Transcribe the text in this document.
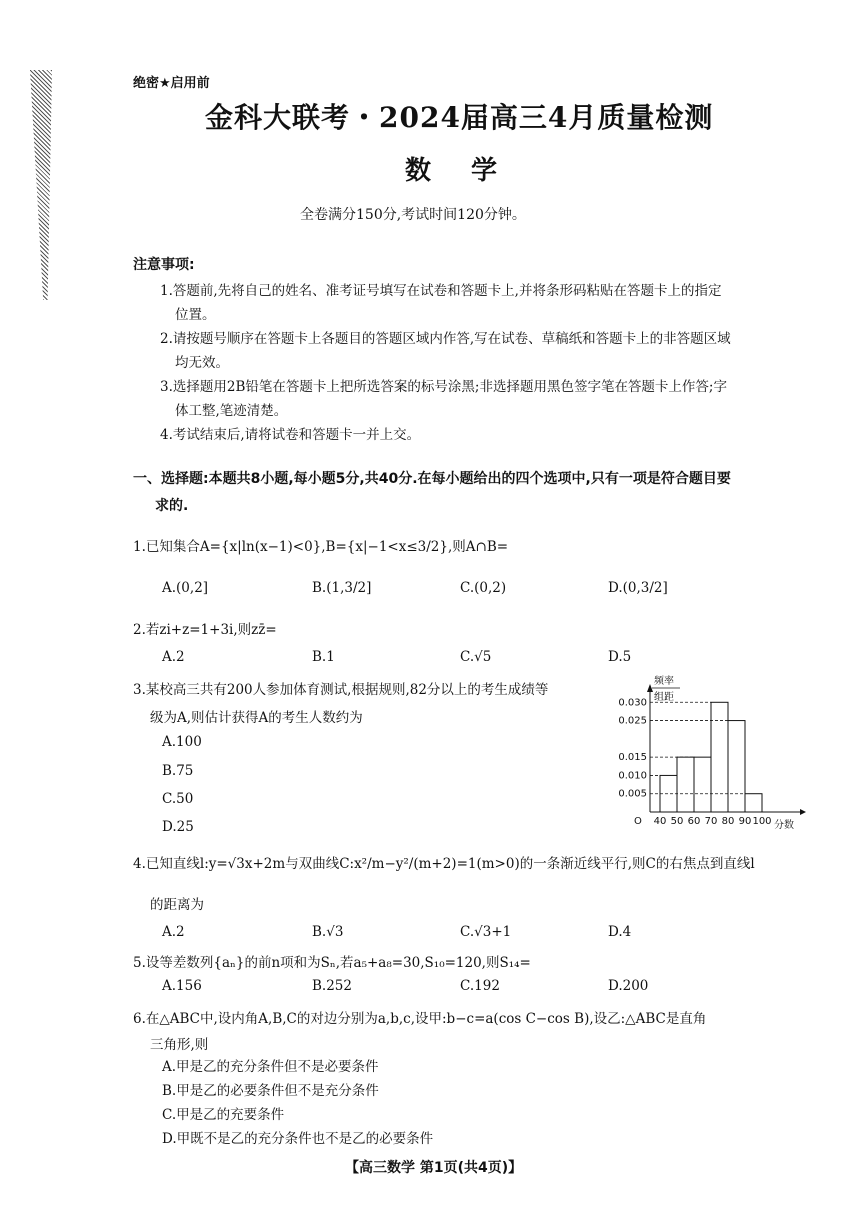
绝密★启用前
金科大联考・2024届高三4月质量检测
数学
全卷满分150分,考试时间120分钟。
注意事项:
1.答题前,先将自己的姓名、准考证号填写在试卷和答题卡上,并将条形码粘贴在答题卡上的指定
位置。
2.请按题号顺序在答题卡上各题目的答题区域内作答,写在试卷、草稿纸和答题卡上的非答题区域
均无效。
3.选择题用2B铅笔在答题卡上把所选答案的标号涂黑;非选择题用黑色签字笔在答题卡上作答;字
体工整,笔迹清楚。
4.考试结束后,请将试卷和答题卡一并上交。
一、选择题:本题共8小题,每小题5分,共40分.在每小题给出的四个选项中,只有一项是符合题目要
求的.
1.已知集合A={x|ln(x−1)<0},B={x|−1<x≤3/2},则A∩B=
A.(0,2]	B.(1,3/2]	C.(0,2)	D.(0,3/2]
2.若zi+z=1+3i,则zz̄=
A.2	B.1	C.√5	D.5
3.某校高三共有200人参加体育测试,根据规则,82分以上的考生成绩等
级为A,则估计获得A的考生人数约为
A.100
B.75
C.50
D.25
频率
组距
0.005
0.010
0.015
0.025
0.030
40 50 60 70 80 90 100
O	分数
4.已知直线l:y=√3x+2m与双曲线C:x²/m−y²/(m+2)=1(m>0)的一条渐近线平行,则C的右焦点到直线l
的距离为
A.2	B.√3	C.√3+1	D.4
5.设等差数列{aₙ}的前n项和为Sₙ,若a₅+a₈=30,S₁₀=120,则S₁₄=
A.156	B.252	C.192	D.200
6.在△ABC中,设内角A,B,C的对边分别为a,b,c,设甲:b−c=a(cos C−cos B),设乙:△ABC是直角
三角形,则
A.甲是乙的充分条件但不是必要条件
B.甲是乙的必要条件但不是充分条件
C.甲是乙的充要条件
D.甲既不是乙的充分条件也不是乙的必要条件
【高三数学 第1页(共4页)】
